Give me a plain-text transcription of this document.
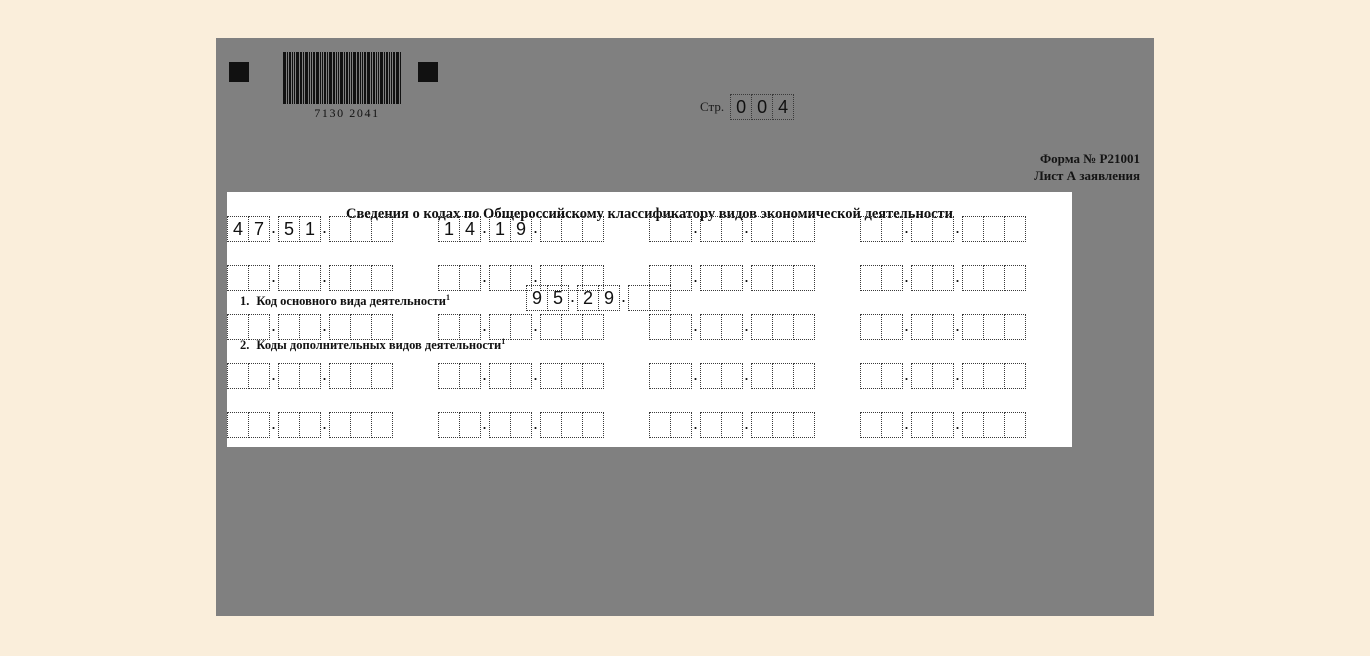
7130 2041	Стр. 0 0 4
Форма № Р21001
Лист А заявления
Сведения о кодах по Общероссийскому классификатору видов экономической деятельности
1. Код основного вида деятельности$^1$	9 5 . 2 9 .
2. Коды дополнительных видов деятельности$^1$
4 7 . 5 1 .	1 4 . 1 9 .	.	.	.	.
.	.	.	.	.	.	.	.
.	.	.	.	.	.	.	.
.	.	.	.	.	.	.	.
.	.	.	.	.	.	.	.
